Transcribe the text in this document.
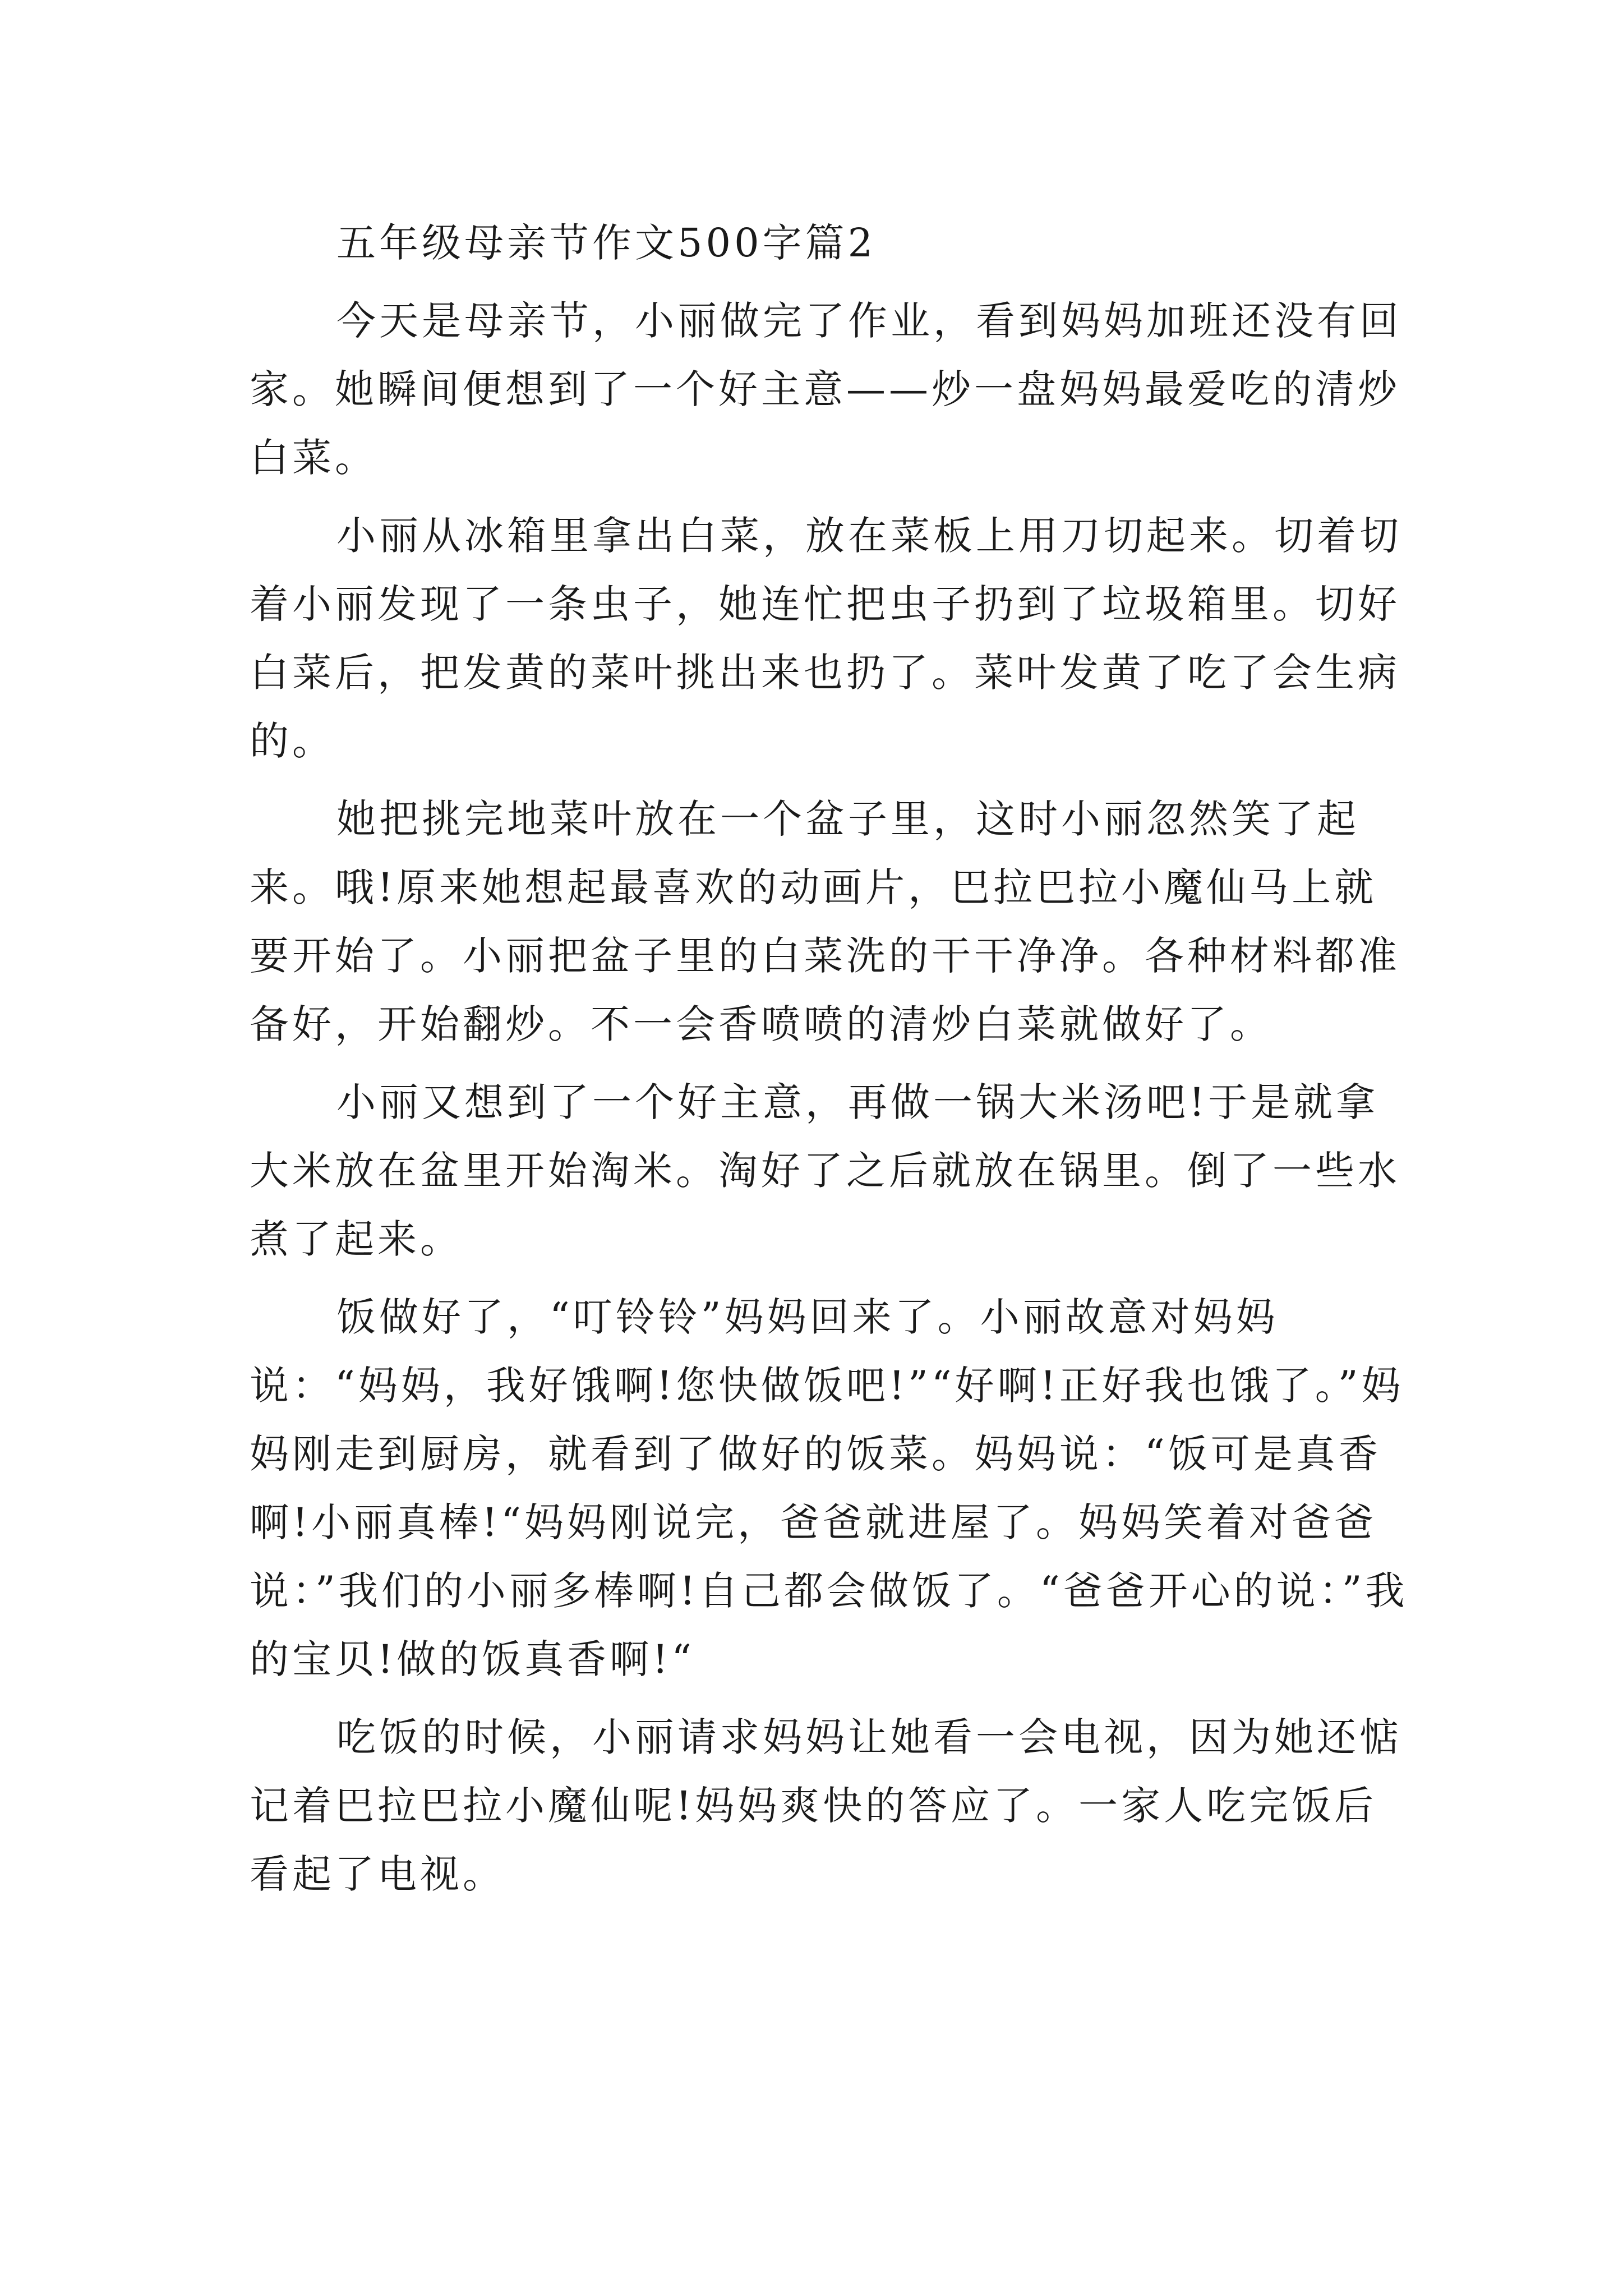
五年级母亲节作文500字篇2

今天是母亲节，小丽做完了作业，看到妈妈加班还没有回家。她瞬间便想到了一个好主意——炒一盘妈妈最爱吃的清炒白菜。

小丽从冰箱里拿出白菜，放在菜板上用刀切起来。切着切着小丽发现了一条虫子，她连忙把虫子扔到了垃圾箱里。切好白菜后，把发黄的菜叶挑出来也扔了。菜叶发黄了吃了会生病的。

她把挑完地菜叶放在一个盆子里，这时小丽忽然笑了起来。哦!原来她想起最喜欢的动画片，巴拉巴拉小魔仙马上就要开始了。小丽把盆子里的白菜洗的干干净净。各种材料都准备好，开始翻炒。不一会香喷喷的清炒白菜就做好了。

小丽又想到了一个好主意，再做一锅大米汤吧!于是就拿大米放在盆里开始淘米。淘好了之后就放在锅里。倒了一些水煮了起来。

饭做好了，“叮铃铃”妈妈回来了。小丽故意对妈妈说：“妈妈，我好饿啊!您快做饭吧!”“好啊!正好我也饿了。”妈妈刚走到厨房，就看到了做好的饭菜。妈妈说：“饭可是真香啊!小丽真棒!“妈妈刚说完，爸爸就进屋了。妈妈笑着对爸爸说：”我们的小丽多棒啊!自己都会做饭了。“爸爸开心的说：”我的宝贝!做的饭真香啊!“

吃饭的时候，小丽请求妈妈让她看一会电视，因为她还惦记着巴拉巴拉小魔仙呢!妈妈爽快的答应了。一家人吃完饭后看起了电视。
